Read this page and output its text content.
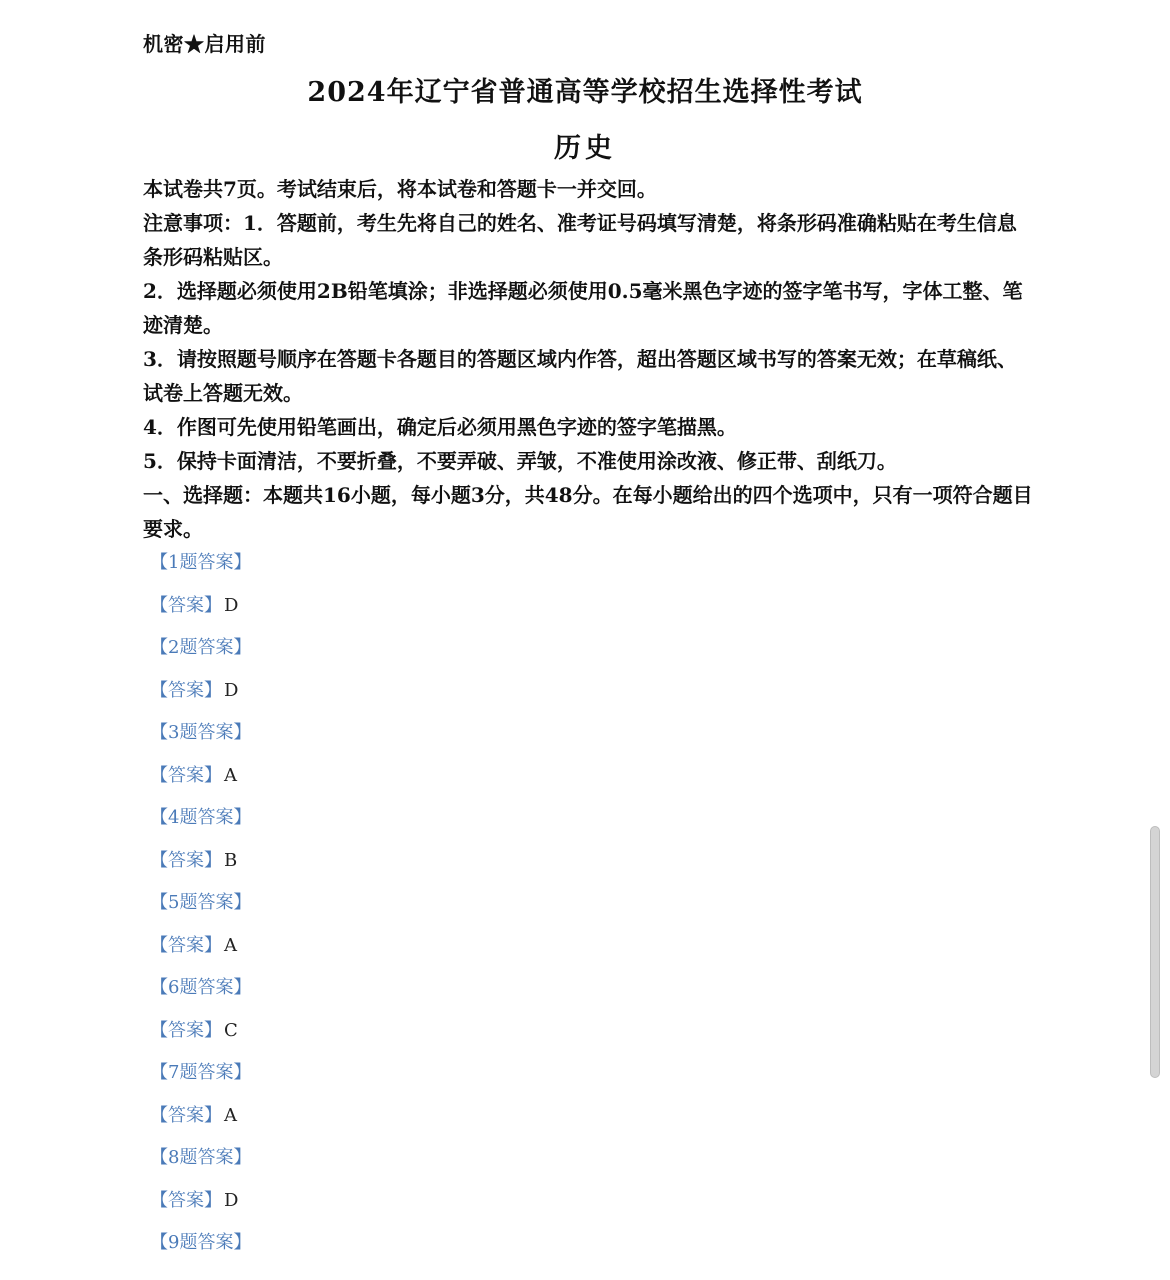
机密★启用前
2024年辽宁省普通高等学校招生选择性考试
历史

本试卷共7页。考试结束后，将本试卷和答题卡一并交回。

注意事项：1．答题前，考生先将自己的姓名、准考证号码填写清楚，将条形码准确粘贴在考生信息条形码粘贴区。

2．选择题必须使用2B铅笔填涂；非选择题必须使用0.5毫米黑色字迹的签字笔书写，字体工整、笔迹清楚。

3．请按照题号顺序在答题卡各题目的答题区域内作答，超出答题区域书写的答案无效；在草稿纸、试卷上答题无效。

4．作图可先使用铅笔画出，确定后必须用黑色字迹的签字笔描黑。

5．保持卡面清洁，不要折叠，不要弄破、弄皱，不准使用涂改液、修正带、刮纸刀。

一、选择题：本题共16小题，每小题3分，共48分。在每小题给出的四个选项中，只有一项符合题目要求。

【1题答案】
【答案】 D
【2题答案】
【答案】 D
【3题答案】
【答案】 A
【4题答案】
【答案】 B
【5题答案】
【答案】 A
【6题答案】
【答案】 C
【7题答案】
【答案】 A
【8题答案】
【答案】 D
【9题答案】
